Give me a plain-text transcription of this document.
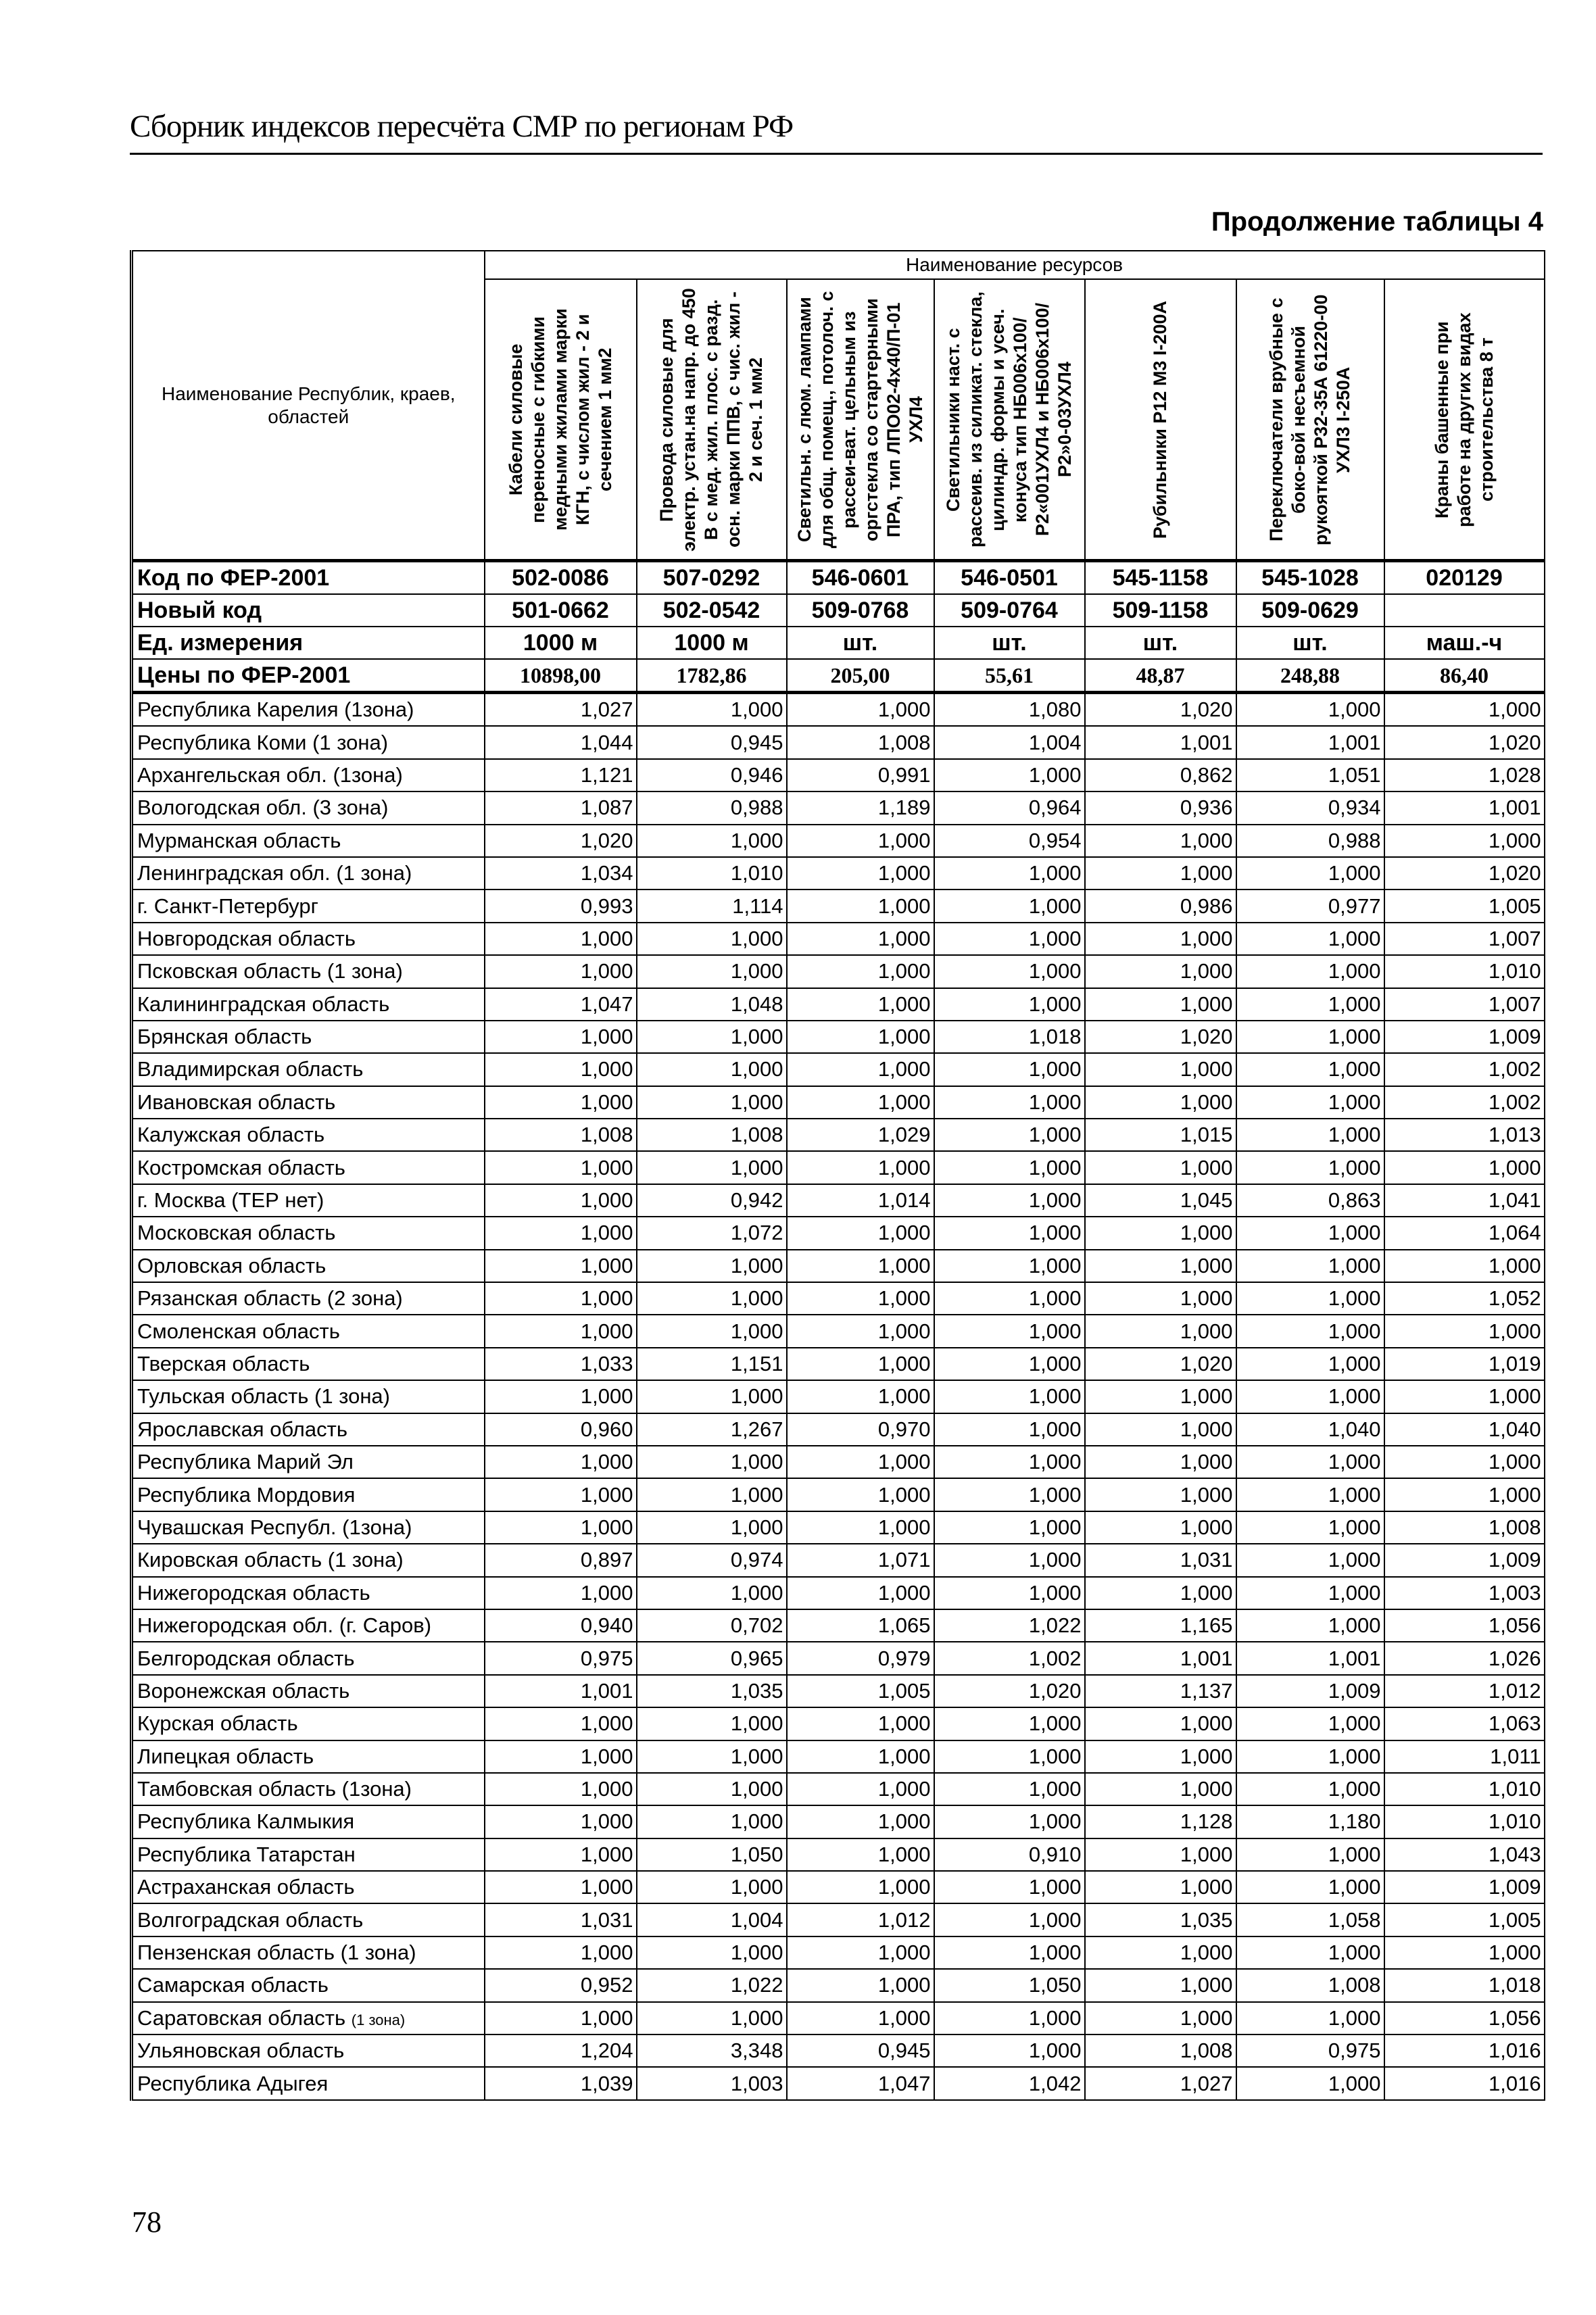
Сборник индексов пересчёта СМР по регионам РФ
Продолжение таблицы 4
Наименование Республик, краев, областей	Наименование ресурсов						

	Кабели силовые переносные с гибкими медными жилами марки КГН, с числом жил - 2 и сечением 1 мм2	Провода силовые для электр. устан.на напр. до 450 В с мед. жил. плос. с разд. осн. марки ППВ, с чис. жил - 2 и сеч. 1 мм2	Светильн. с люм. лампами для общ. помещ., потолоч. с рассеи-ват. цельным из оргстекла со стартерными ПРА, тип ЛПО02-4х40/П-01 УХЛ4	Светильники наст. с рассеив. из силикат. стекла, цилиндр. формы и усеч. конуса тип НБ006х100/Р2«001УХЛ4 и НБ006х100/Р2»0-03УХЛ4	Рубильники Р12 М3 I-200А	Переключатели врубные с боко-вой несъемной рукояткой Р32-35А 61220-00 УХЛ3 I-250А	Краны башенные при работе на других видах строительства 8 т

Код по ФЕР-2001	502-0086	507-0292	546-0601	546-0501	545-1158	545-1028	020129
Новый код	501-0662	502-0542	509-0768	509-0764	509-1158	509-0629	
Ед. измерения	1000 м	1000 м	шт.	шт.	шт.	шт.	маш.-ч
Цены по ФЕР-2001	10898,00	1782,86	205,00	55,61	48,87	248,88	86,40
Республика Карелия (1зона)	1,027	1,000	1,000	1,080	1,020	1,000	1,000
Республика Коми (1 зона)	1,044	0,945	1,008	1,004	1,001	1,001	1,020
Архангельская обл. (1зона)	1,121	0,946	0,991	1,000	0,862	1,051	1,028
Вологодская обл. (3 зона)	1,087	0,988	1,189	0,964	0,936	0,934	1,001
Мурманская область	1,020	1,000	1,000	0,954	1,000	0,988	1,000
Ленинградская обл. (1 зона)	1,034	1,010	1,000	1,000	1,000	1,000	1,020
г. Санкт-Петербург	0,993	1,114	1,000	1,000	0,986	0,977	1,005
Новгородская область	1,000	1,000	1,000	1,000	1,000	1,000	1,007
Псковская область (1 зона)	1,000	1,000	1,000	1,000	1,000	1,000	1,010
Калининградская область	1,047	1,048	1,000	1,000	1,000	1,000	1,007
Брянская область	1,000	1,000	1,000	1,018	1,020	1,000	1,009
Владимирская область	1,000	1,000	1,000	1,000	1,000	1,000	1,002
Ивановская область	1,000	1,000	1,000	1,000	1,000	1,000	1,002
Калужская область	1,008	1,008	1,029	1,000	1,015	1,000	1,013
Костромская область	1,000	1,000	1,000	1,000	1,000	1,000	1,000
г. Москва (ТЕР нет)	1,000	0,942	1,014	1,000	1,045	0,863	1,041
Московская область	1,000	1,072	1,000	1,000	1,000	1,000	1,064
Орловская область	1,000	1,000	1,000	1,000	1,000	1,000	1,000
Рязанская область (2 зона)	1,000	1,000	1,000	1,000	1,000	1,000	1,052
Смоленская область	1,000	1,000	1,000	1,000	1,000	1,000	1,000
Тверская область	1,033	1,151	1,000	1,000	1,020	1,000	1,019
Тульская область (1 зона)	1,000	1,000	1,000	1,000	1,000	1,000	1,000
Ярославская область	0,960	1,267	0,970	1,000	1,000	1,040	1,040
Республика Марий Эл	1,000	1,000	1,000	1,000	1,000	1,000	1,000
Республика Мордовия	1,000	1,000	1,000	1,000	1,000	1,000	1,000
Чувашская Республ. (1зона)	1,000	1,000	1,000	1,000	1,000	1,000	1,008
Кировская область (1 зона)	0,897	0,974	1,071	1,000	1,031	1,000	1,009
Нижегородская область	1,000	1,000	1,000	1,000	1,000	1,000	1,003
Нижегородская обл. (г. Саров)	0,940	0,702	1,065	1,022	1,165	1,000	1,056
Белгородская область	0,975	0,965	0,979	1,002	1,001	1,001	1,026
Воронежская область	1,001	1,035	1,005	1,020	1,137	1,009	1,012
Курская область	1,000	1,000	1,000	1,000	1,000	1,000	1,063
Липецкая область	1,000	1,000	1,000	1,000	1,000	1,000	1,011
Тамбовская область (1зона)	1,000	1,000	1,000	1,000	1,000	1,000	1,010
Республика Калмыкия	1,000	1,000	1,000	1,000	1,128	1,180	1,010
Республика Татарстан	1,000	1,050	1,000	0,910	1,000	1,000	1,043
Астраханская область	1,000	1,000	1,000	1,000	1,000	1,000	1,009
Волгоградская область	1,031	1,004	1,012	1,000	1,035	1,058	1,005
Пензенская область (1 зона)	1,000	1,000	1,000	1,000	1,000	1,000	1,000
Самарская область	0,952	1,022	1,000	1,050	1,000	1,008	1,018
Саратовская область (1 зона)	1,000	1,000	1,000	1,000	1,000	1,000	1,056
Ульяновская область	1,204	3,348	0,945	1,000	1,008	0,975	1,016
Республика Адыгея	1,039	1,003	1,047	1,042	1,027	1,000	1,016
78
